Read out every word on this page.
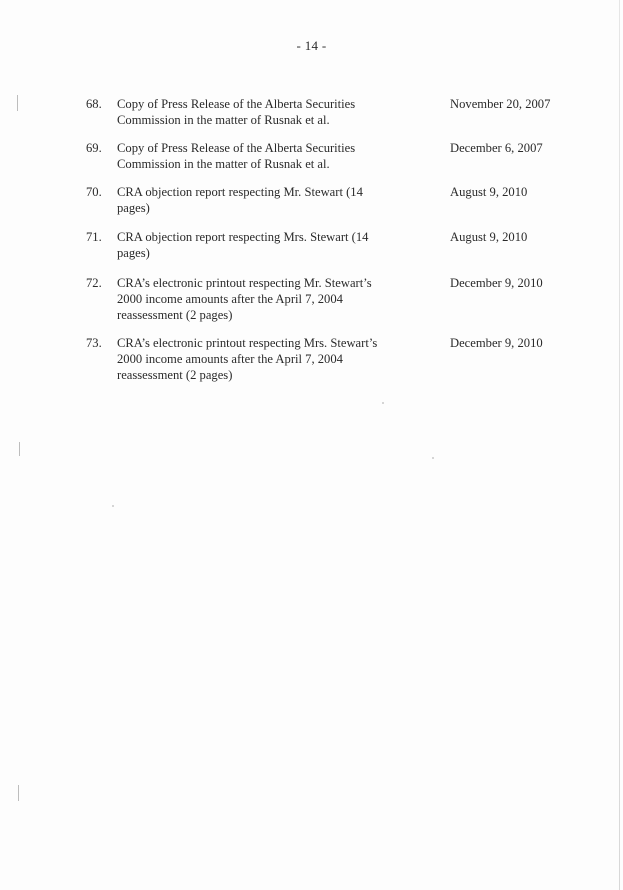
- 14 -
68. Copy of Press Release of the Alberta Securities Commission in the matter of Rusnak et al.
November 20, 2007
69. Copy of Press Release of the Alberta Securities Commission in the matter of Rusnak et al.
December 6, 2007
70. CRA objection report respecting Mr. Stewart (14 pages)
August 9, 2010
71. CRA objection report respecting Mrs. Stewart (14 pages)
August 9, 2010
72. CRA’s electronic printout respecting Mr. Stewart’s 2000 income amounts after the April 7, 2004 reassessment (2 pages)
December 9, 2010
73. CRA’s electronic printout respecting Mrs. Stewart’s 2000 income amounts after the April 7, 2004 reassessment (2 pages)
December 9, 2010
